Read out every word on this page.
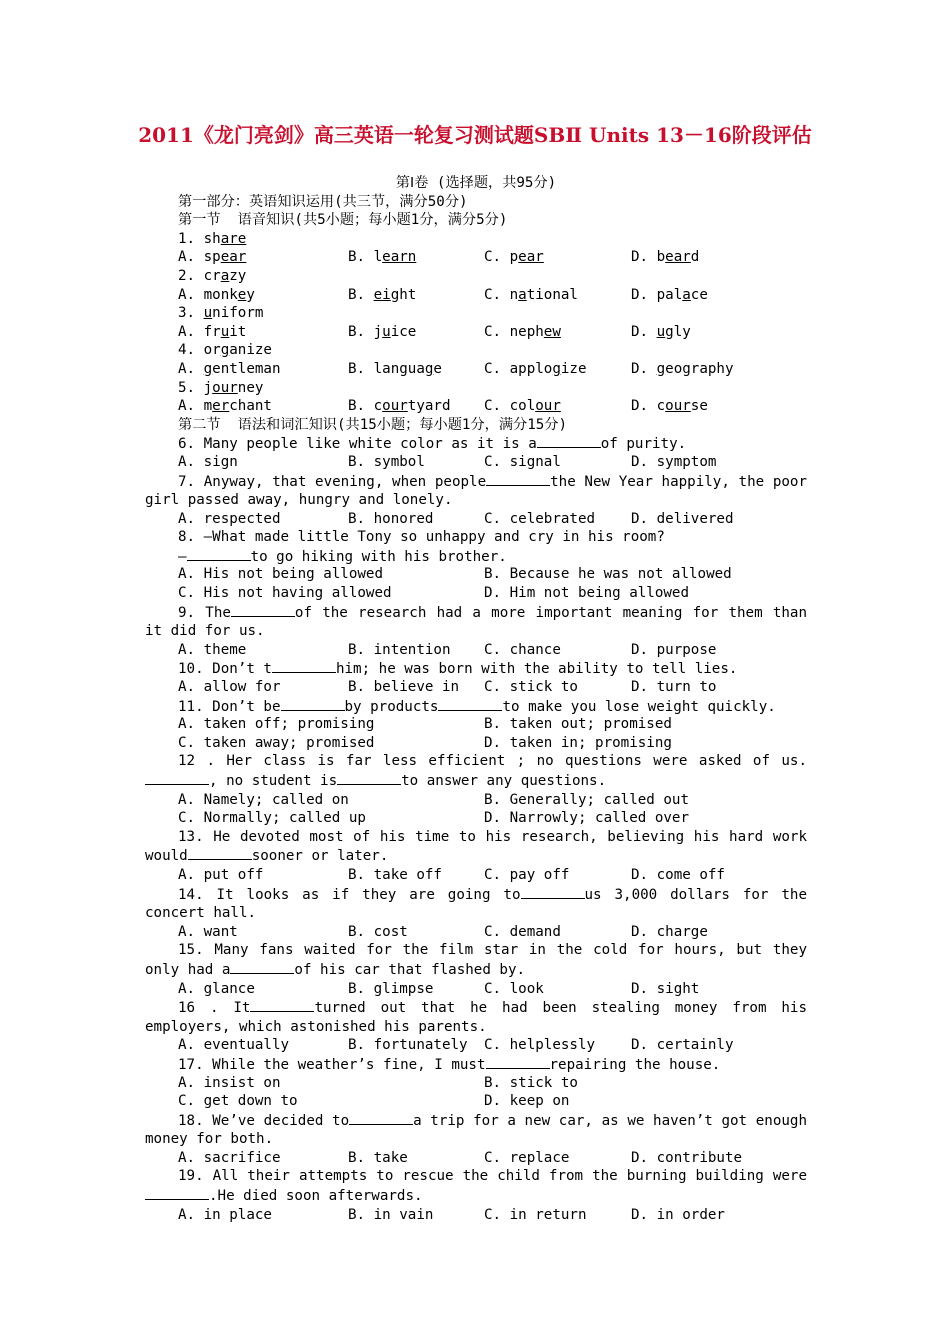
2011《龙门亮剑》高三英语一轮复习测试题SBⅡ Units 13－16阶段评估
第Ⅰ卷 (选择题，共95分)
第一部分：英语知识运用(共三节，满分50分)
第一节  语音知识(共5小题；每小题1分，满分5分)
1. share
A. spear	B. learn	C. pear	D. beard
2. crazy
A. monkey	B. eight	C. national	D. palace
3. uniform
A. fruit	B. juice	C. nephew	D. ugly
4. organize
A. gentleman	B. language	C. applogize	D. geography
5. journey
A. merchant	B. courtyard	C. colour	D. course
第二节  语法和词汇知识(共15小题；每小题1分，满分15分)
6. Many people like white color as it is a	of purity.
A. sign	B. symbol	C. signal	D. symptom
7. Anyway, that evening, when people	the New Year happily, the poor girl passed away, hungry and lonely.
A. respected	B. honored	C. celebrated	D. delivered
8. —What made little Tony so unhappy and cry in his room?
—	to go hiking with his brother.
A. His not being allowed	B. Because he was not allowed
C. His not having allowed	D. Him not being allowed
9. The	of the research had a more important meaning for them than it did for us.
A. theme	B. intention	C. chance	D. purpose
10. Don’t t	him; he was born with the ability to tell lies.
A. allow for	B. believe in	C. stick to	D. turn to
11. Don’t be	by products	to make you lose weight quickly.
A. taken off; promising	B. taken out; promised
C. taken away; promised	D. taken in; promising
12 . Her class is far less efficient ; no questions were asked of us., no student is	to answer any questions.
A. Namely; called on	B. Generally; called out
C. Normally; called up	D. Narrowly; called over
13. He devoted most of his time to his research, believing his hard work would	sooner or later.
A. put off	B. take off	C. pay off	D. come off
14. It looks as if they are going to	us 3,000 dollars for the concert hall.
A. want	B. cost	C. demand	D. charge
15. Many fans waited for the film star in the cold for hours, but they only had a	of his car that flashed by.
A. glance	B. glimpse	C. look	D. sight
16 . It	turned out that he had been stealing money from his employers, which astonished his parents.
A. eventually	B. fortunately	C. helplessly	D. certainly
17. While the weather’s fine, I must	repairing the house.
A. insist on	B. stick to
C. get down to	D. keep on
18. We’ve decided to	a trip for a new car, as we haven’t got enough money for both.
A. sacrifice	B. take	C. replace	D. contribute
19. All their attempts to rescue the child from the burning building were.He died soon afterwards.
A. in place	B. in vain	C. in return	D. in order
